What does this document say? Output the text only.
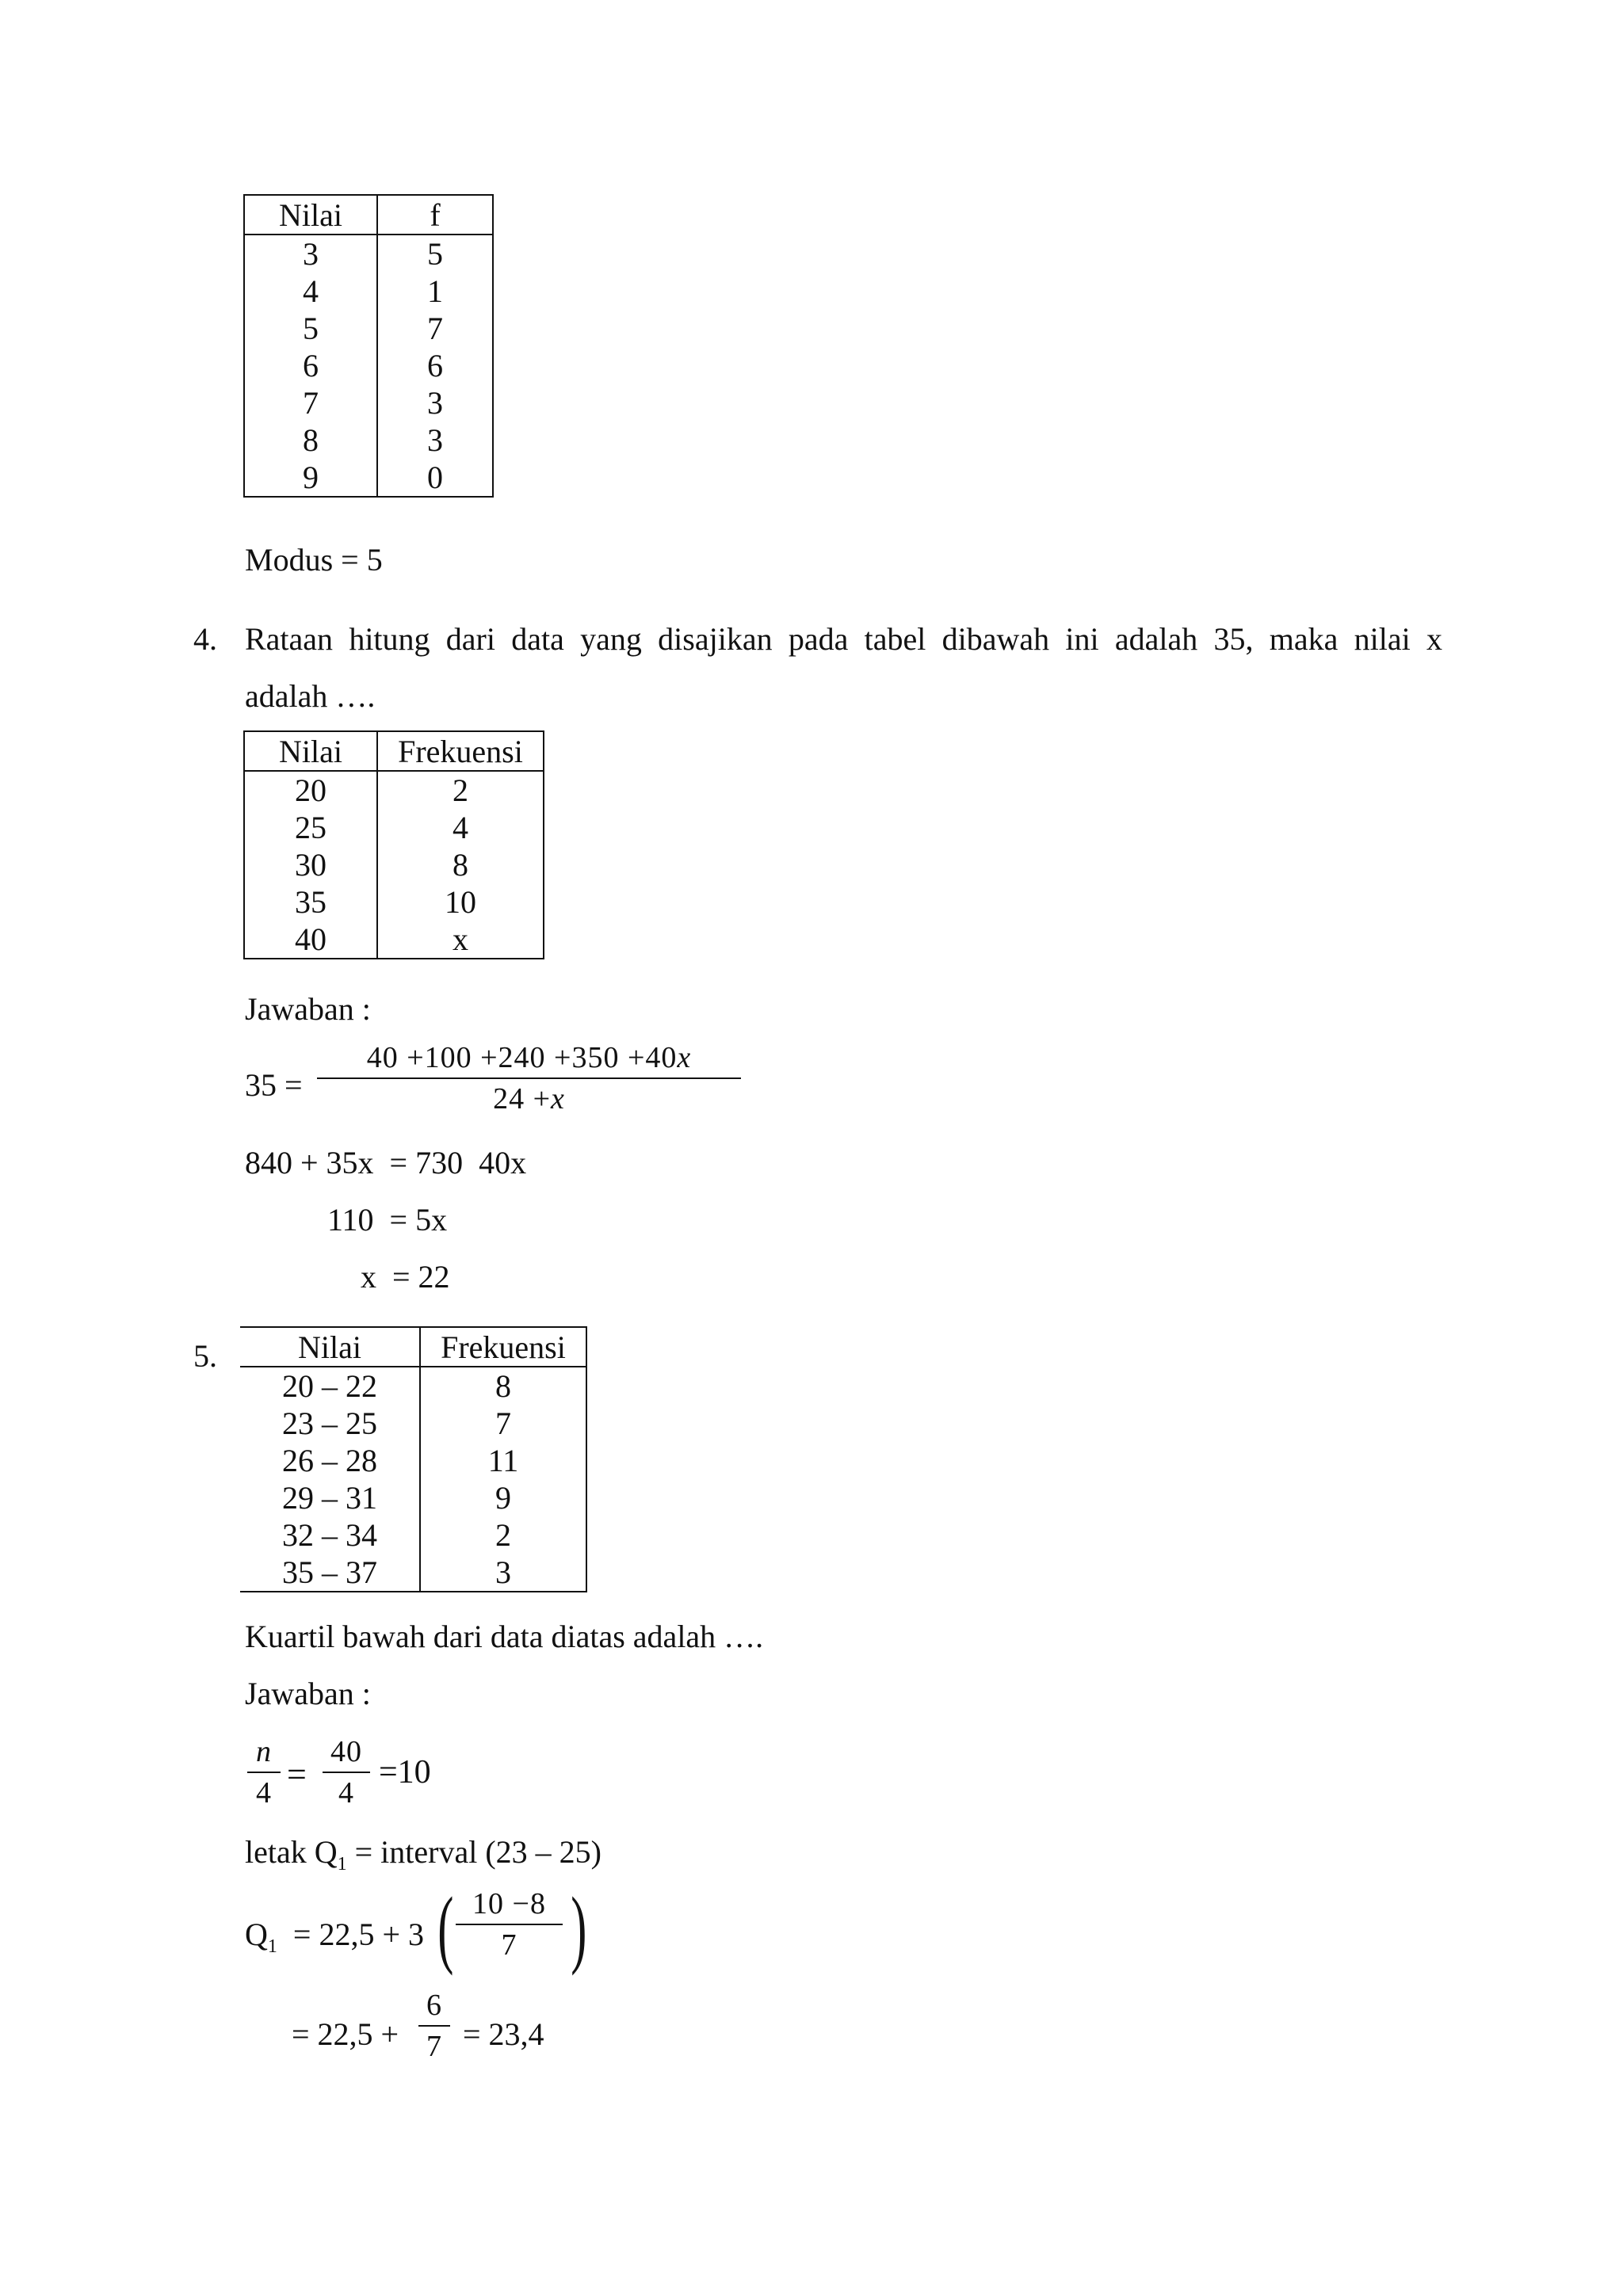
Nilai	f
3	5
4	1
5	7
6	6
7	3
8	3
9	0
Modus = 5
4. Rataan hitung dari data yang disajikan pada tabel dibawah ini adalah 35, maka nilai x
adalah ….
Nilai	Frekuensi
20	2
25	4
30	8
35	10
40	x
Jawaban :
35 =
40 +100 +240 +350 +40x
24 +x
840 + 35x  = 730  40x
110  = 5x
x  = 22
5.	Nilai	Frekuensi
20 – 22	8
23 – 25	7
26 – 28	11
29 – 31	9
32 – 34	2
35 – 37	3
Kuartil bawah dari data diatas adalah ….
Jawaban :
n
4 =
40
4
=10
letak $Q_1$ = interval (23 – 25)
$Q_1 = 22,5 + 3$ ( 10 −8
7 )
= 22,5 +
6
7 = 23,4
